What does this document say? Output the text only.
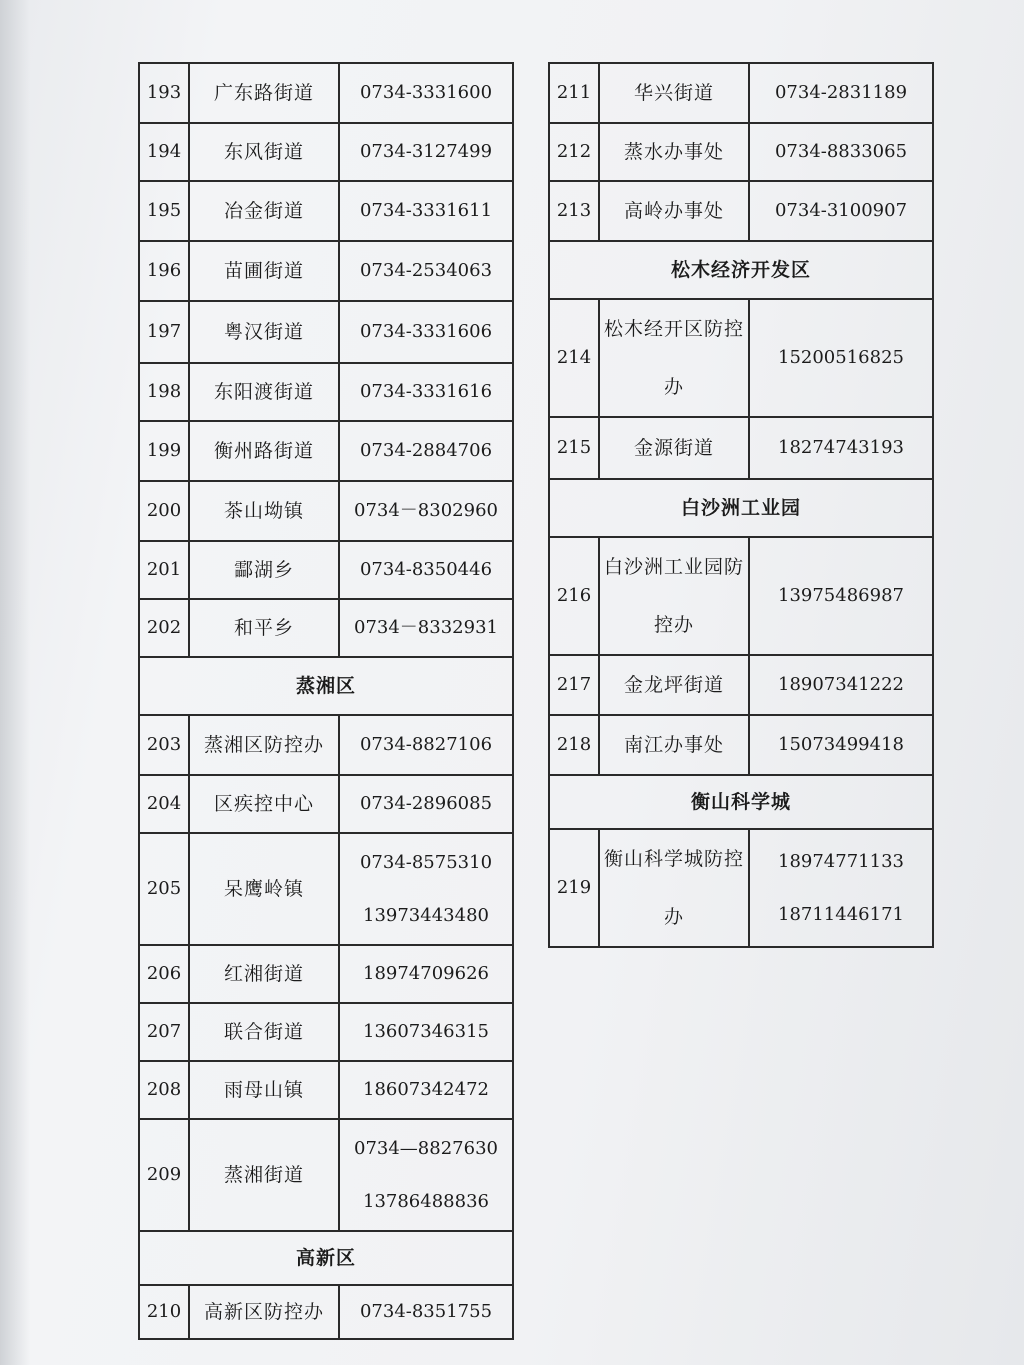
193	广东路街道	0734-3331600

194	东风街道	0734-3127499

195	冶金街道	0734-3331611

196	苗圃街道	0734-2534063

197	粤汉街道	0734-3331606

198	东阳渡街道	0734-3331616

199	衡州路街道	0734-2884706

200	茶山坳镇	0734－8302960

201	酃湖乡	0734-8350446

202	和平乡	0734－8332931

蒸湘区		
203	蒸湘区防控办	0734-8827106

204	区疾控中心	0734-2896085

205	呆鹰岭镇	0734-8575310
13973443480

206	红湘街道	18974709626

207	联合街道	13607346315

208	雨母山镇	18607342472

209	蒸湘街道	0734—8827630
13786488836

高新区		
210	高新区防控办	0734-8351755
211	华兴街道	0734-2831189

212	蒸水办事处	0734-8833065

213	高岭办事处	0734-3100907

松木经济开发区		
214	松木经开区防控办	15200516825

215	金源街道	18274743193

白沙洲工业园		
216	白沙洲工业园防控办	13975486987

217	金龙坪街道	18907341222

218	南江办事处	15073499418

衡山科学城		
219	衡山科学城防控办	18974771133
18711446171
